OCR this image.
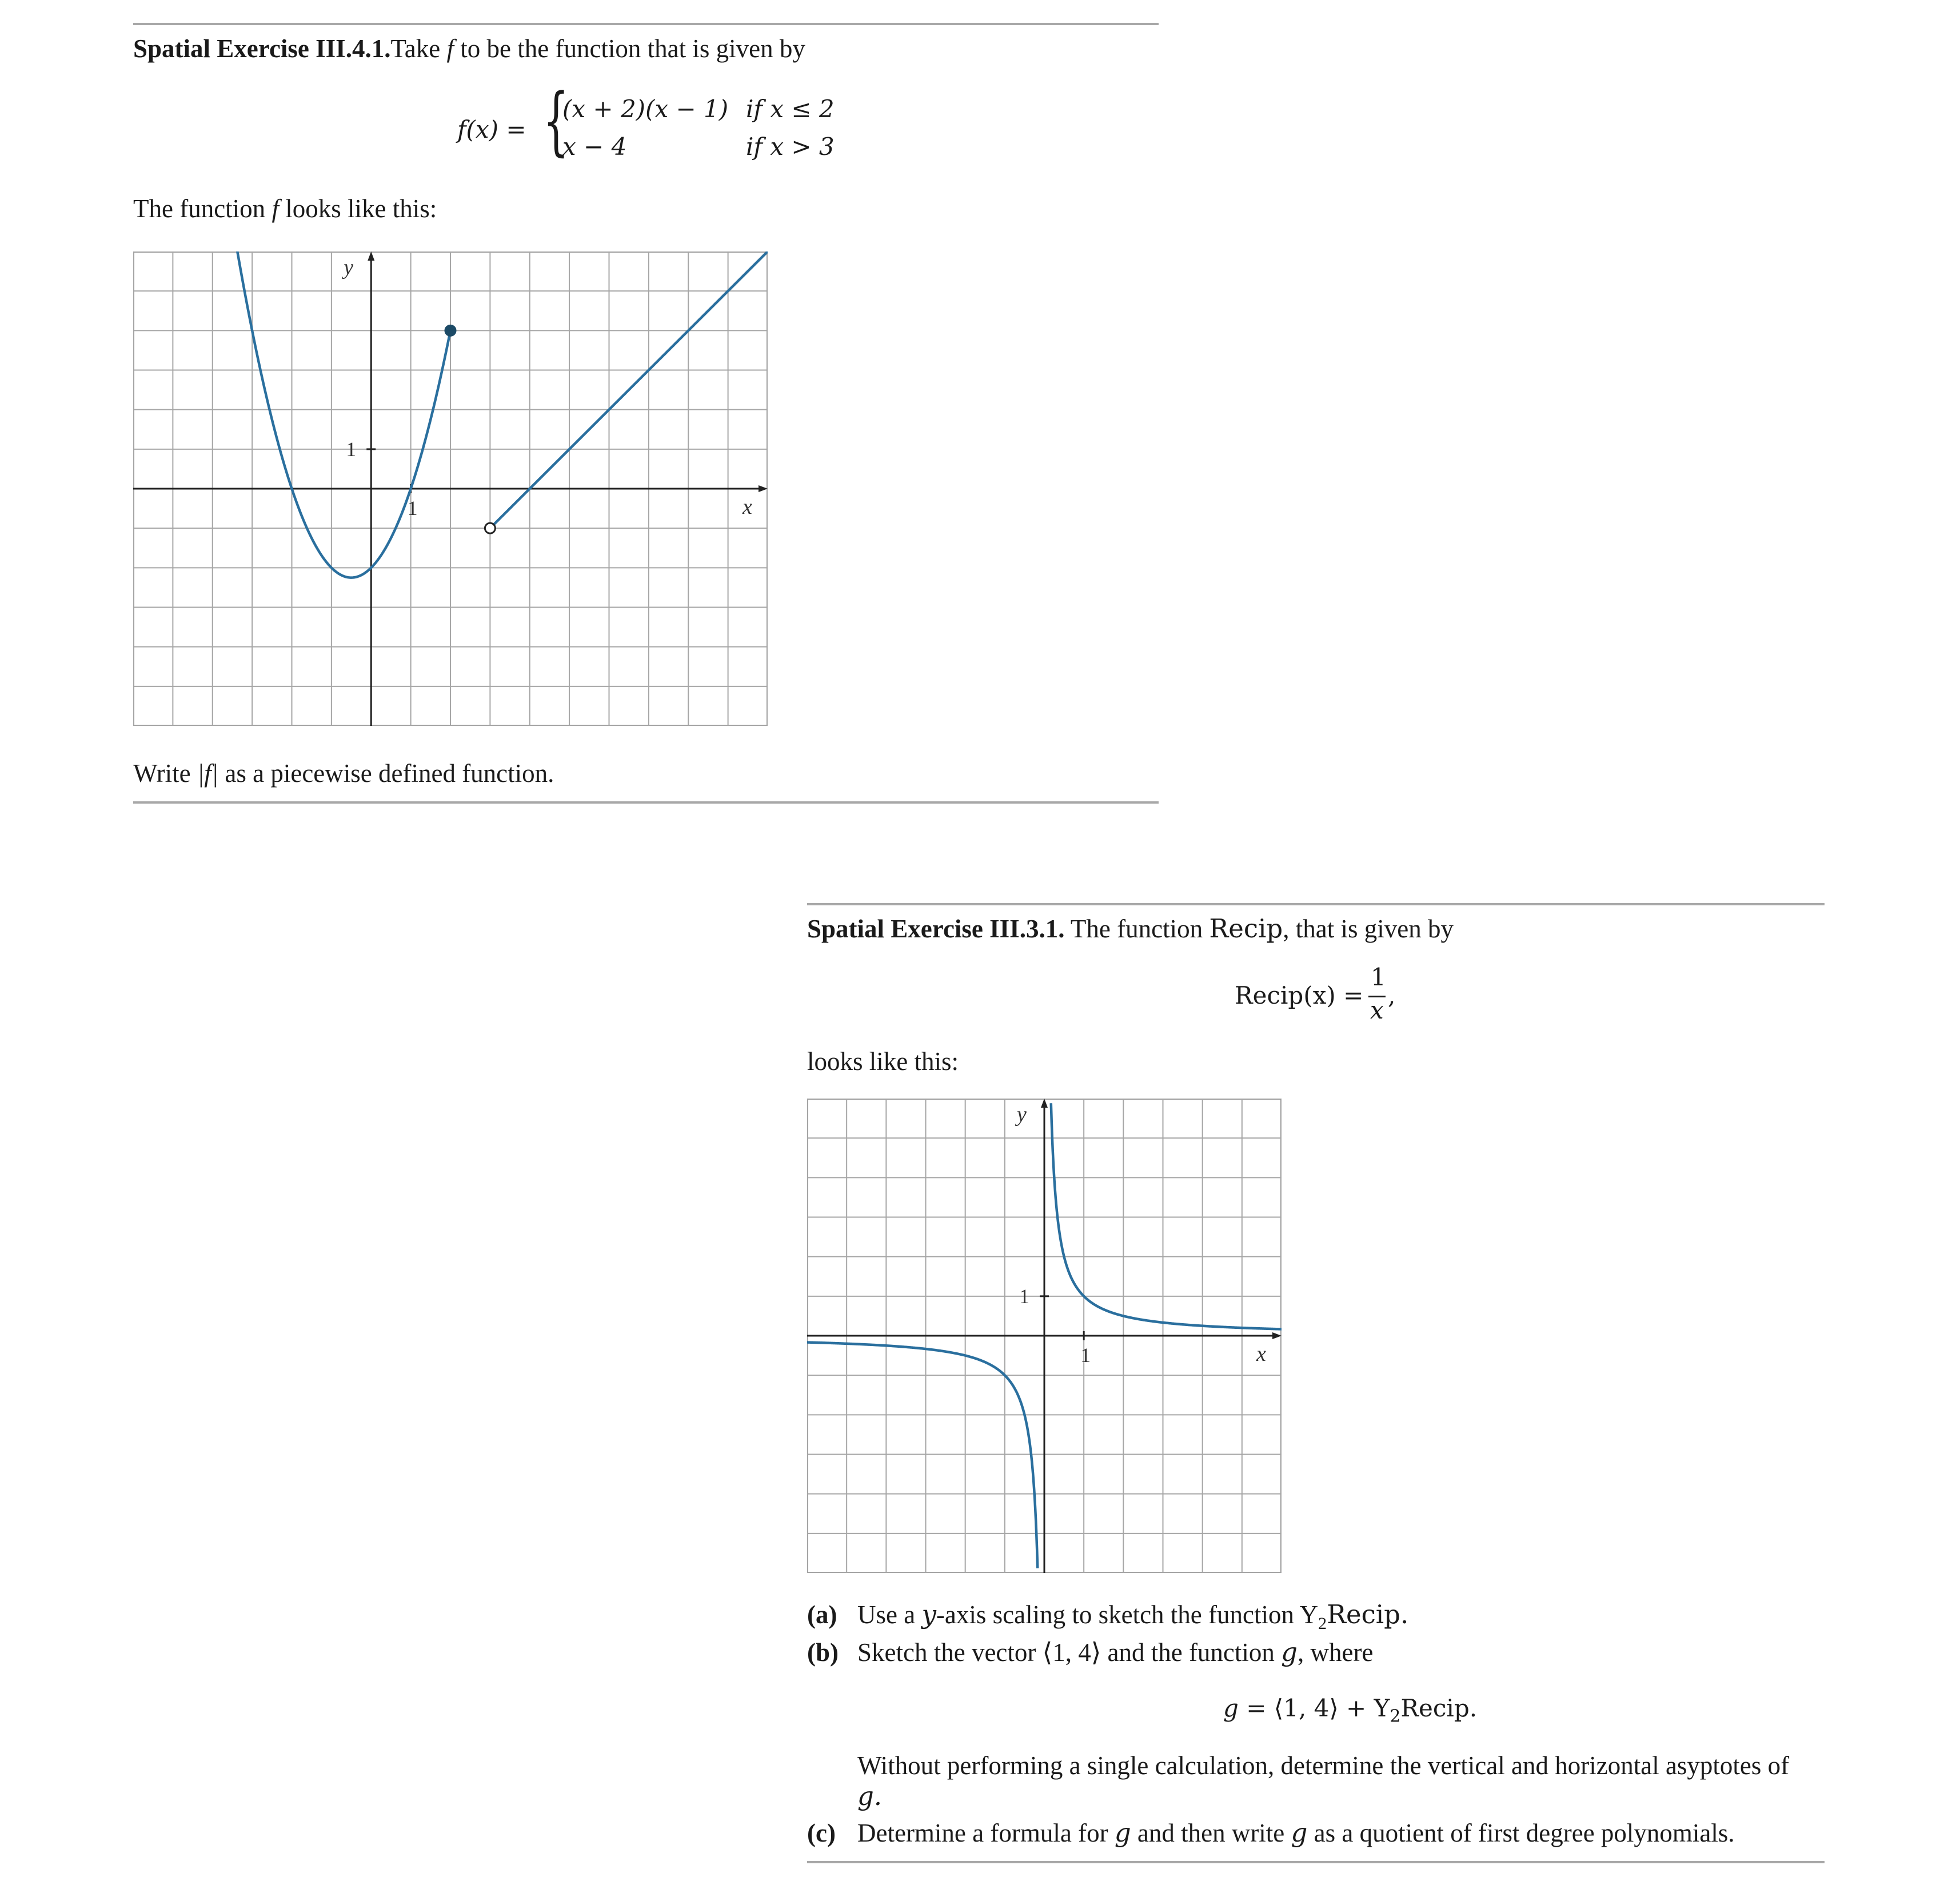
Spatial Exercise III.4.1.Take f to be the function that is given by
f(x) = {
(x + 2)(x − 1) if x ≤ 2
x − 4	if x > 3
The function f looks like this:
x
y
1
1
Write |f| as a piecewise defined function.
Spatial Exercise III.3.1. The function Recip, that is given by
Recip(x) =
1
x
,
looks like this:
x
y
1
1
(a) Use a y-axis scaling to sketch the function $Y_2Recip$.
(b) Sketch the vector ⟨1, 4⟩ and the function g, where
g = ⟨1, 4⟩ + $Y_2Recip$.
Without performing a single calculation, determine the vertical and horizontal asyptotes of
g.
(c) Determine a formula for g and then write g as a quotient of first degree polynomials.
